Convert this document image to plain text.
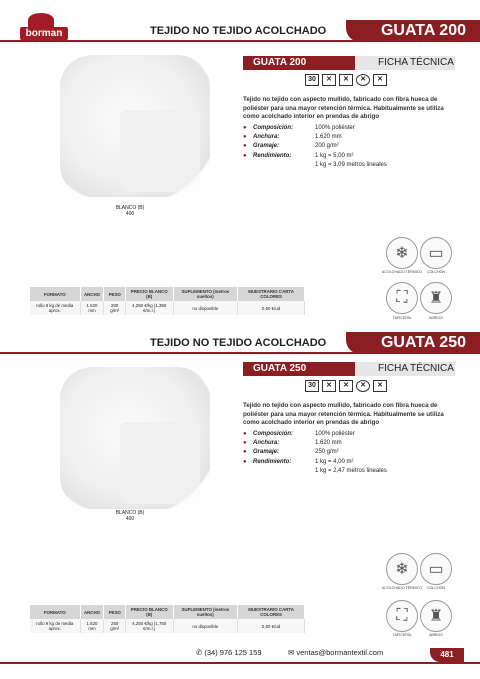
borman	TEJIDO NO TEJIDO ACOLCHADO	GUATA 200
BLANCO (B)
400
GUATA 200	FICHA TÉCNICA
30	✕	✕	✕	✕
Tejido no tejido con aspecto mullido, fabricado con fibra hueca de poliéster para una mayor retención térmica. Habitualmente se utiliza como acolchado interior en prendas de abrigo
●	Composición:	100% poliéster
●	Anchura:	1.620 mm
●	Gramaje:	200 g/m²
●	Rendimiento:	1 kg = 5,00 m²
1 kg = 3,09 metros lineales
❄
ACOLCHADO TÉRMICO
▭
COLCHÓN
⛶
TAPICERÍA
♜
ABRIGO
FORMATO	ANCHO	PESO	PRECIO BLANCO (B)	SUPLEMENTO (metros sueltos)	MUESTRARIO CARTA COLORES
rollo 9 kg de media aprox.	1.620 mm	200 g/m²	4,250 €/kg (1,390 €/m.l.)	no disponible	0,50 €/ud
TEJIDO NO TEJIDO ACOLCHADO	GUATA 250
BLANCO (B)
400
GUATA 250	FICHA TÉCNICA
30	✕	✕	✕	✕
Tejido no tejido con aspecto mullido, fabricado con fibra hueca de poliéster para una mayor retención térmica. Habitualmente se utiliza como acolchado interior en prendas de abrigo
●	Composición:	100% poliéster
●	Anchura:	1.620 mm
●	Gramaje:	250 g/m²
●	Rendimiento:	1 kg = 4,00 m²
1 kg = 2,47 metros lineales
❄
ACOLCHADO TÉRMICO
▭
COLCHÓN
⛶
TAPICERÍA
♜
ABRIGO
FORMATO	ANCHO	PESO	PRECIO BLANCO (B)	SUPLEMENTO (metros sueltos)	MUESTRARIO CARTA COLORES
rollo 9 kg de media aprox.	1.620 mm	250 g/m²	4,250 €/kg (1,750 €/m.l.)	no disponible	0,50 €/ud
✆ (34) 976 125 159	✉ ventas@bormantextil.com	481
